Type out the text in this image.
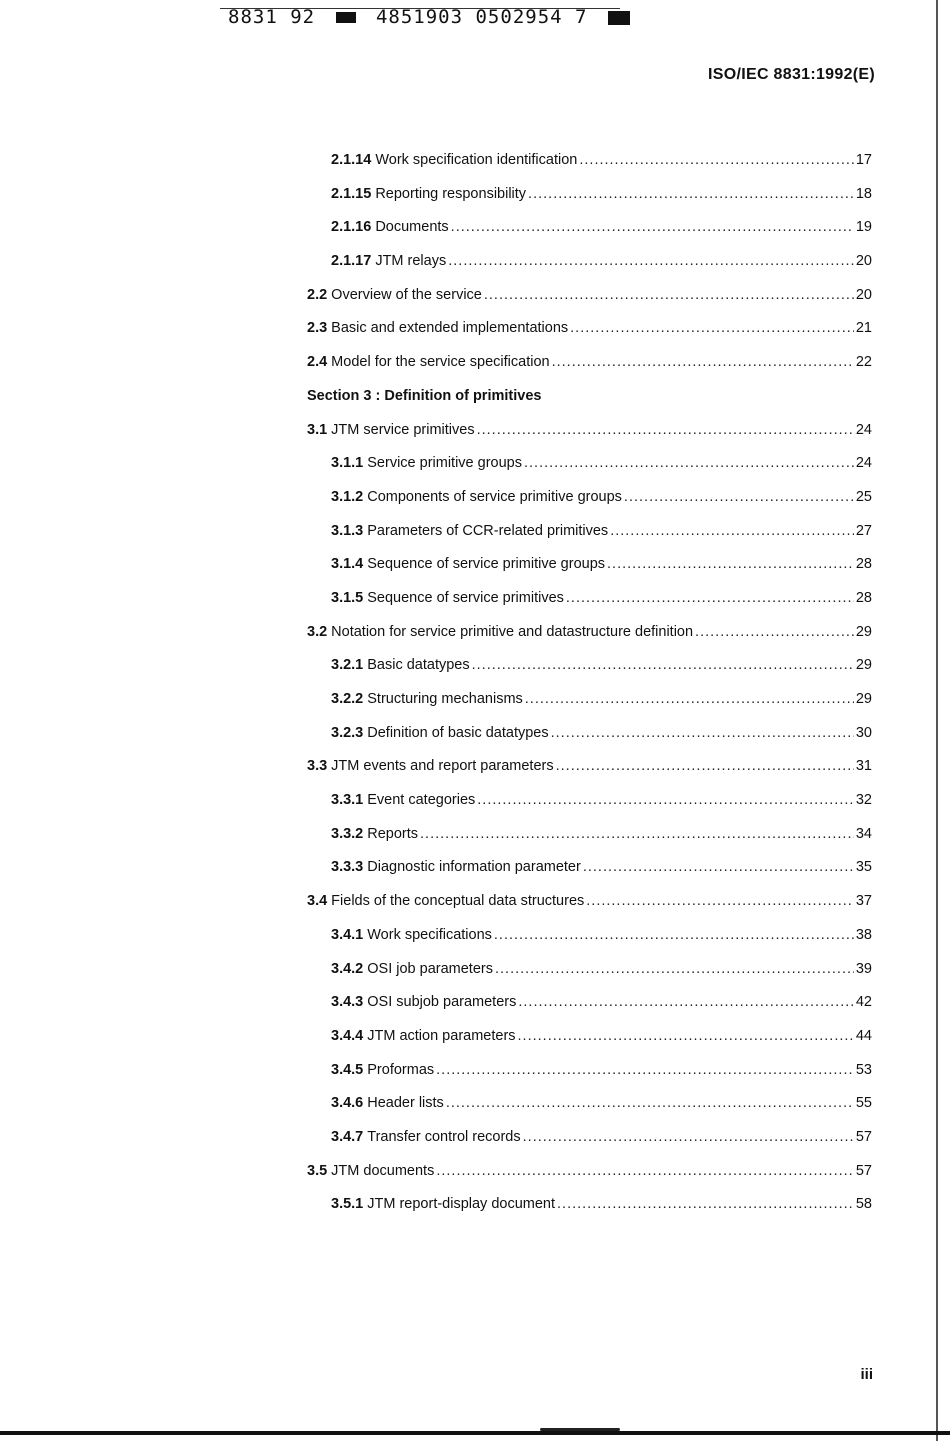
8831 92	4851903 0502954 7
ISO/IEC 8831:1992(E)
2.1.14 Work specification identification .....	17
2.1.15 Reporting responsibility .....	18
2.1.16 Documents .....	19
2.1.17 JTM relays .....	20
2.2 Overview of the service .....	20
2.3 Basic and extended implementations .....	21
2.4 Model for the service specification .....	22
Section 3 : Definition of primitives
3.1 JTM service primitives .....	24
3.1.1 Service primitive groups .....	24
3.1.2 Components of service primitive groups .....	25
3.1.3 Parameters of CCR-related primitives .....	27
3.1.4 Sequence of service primitive groups .....	28
3.1.5 Sequence of service primitives .....	28
3.2 Notation for service primitive and datastructure definition .....	29
3.2.1 Basic datatypes .....	29
3.2.2 Structuring mechanisms .....	29
3.2.3 Definition of basic datatypes .....	30
3.3 JTM events and report parameters .....	31
3.3.1 Event categories .....	32
3.3.2 Reports .....	34
3.3.3 Diagnostic information parameter .....	35
3.4 Fields of the conceptual data structures .....	37
3.4.1 Work specifications .....	38
3.4.2 OSI job parameters .....	39
3.4.3 OSI subjob parameters .....	42
3.4.4 JTM action parameters .....	44
3.4.5 Proformas .....	53
3.4.6 Header lists .....	55
3.4.7 Transfer control records .....	57
3.5 JTM documents .....	57
3.5.1 JTM report-display document .....	58
iii
